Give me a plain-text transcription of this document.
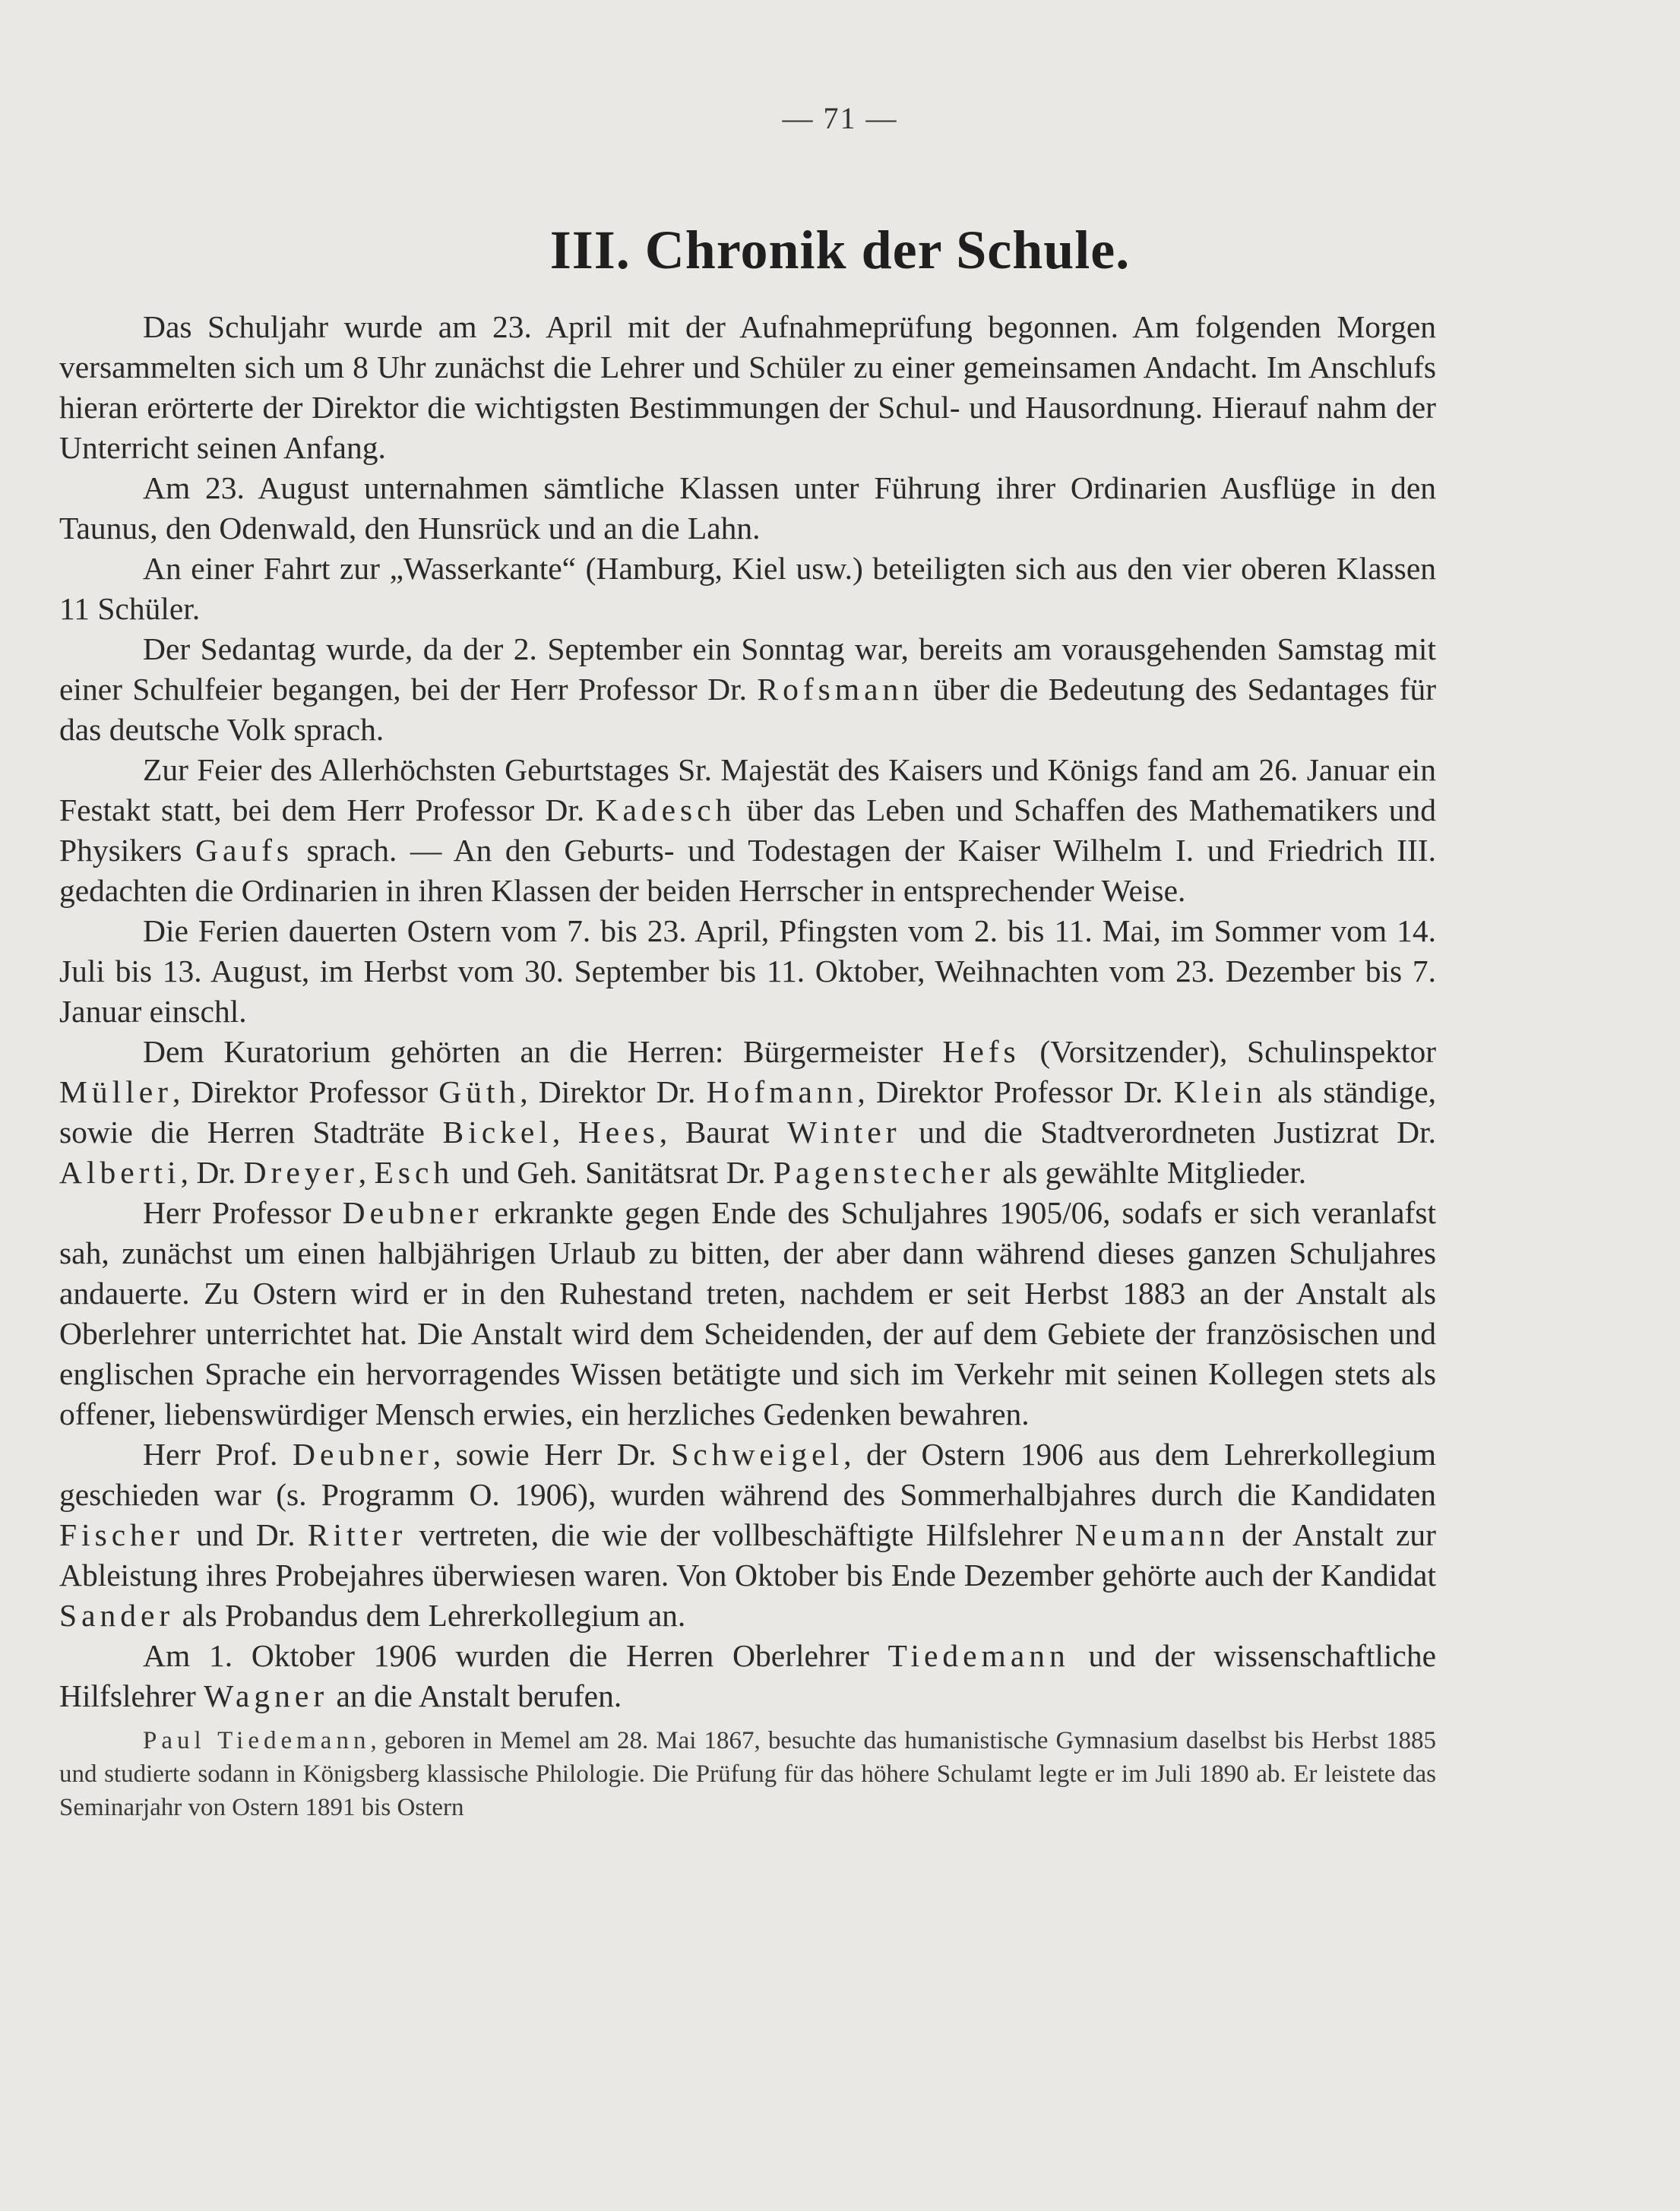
— 71 —
III. Chronik der Schule.

Das Schuljahr wurde am 23. April mit der Aufnahmeprüfung begonnen. Am folgenden Morgen versammelten sich um 8 Uhr zunächst die Lehrer und Schüler zu einer gemeinsamen Andacht. Im Anschlufs hieran erörterte der Direktor die wichtigsten Bestimmungen der Schul- und Hausordnung. Hierauf nahm der Unterricht seinen Anfang.

Am 23. August unternahmen sämtliche Klassen unter Führung ihrer Ordinarien Ausflüge in den Taunus, den Odenwald, den Hunsrück und an die Lahn.

An einer Fahrt zur „Wasserkante“ (Hamburg, Kiel usw.) beteiligten sich aus den vier oberen Klassen 11 Schüler.

Der Sedantag wurde, da der 2. September ein Sonntag war, bereits am vorausgehenden Samstag mit einer Schulfeier begangen, bei der Herr Professor Dr. Rofsmann über die Bedeutung des Sedantages für das deutsche Volk sprach.

Zur Feier des Allerhöchsten Geburtstages Sr. Majestät des Kaisers und Königs fand am 26. Januar ein Festakt statt, bei dem Herr Professor Dr. Kadesch über das Leben und Schaffen des Mathematikers und Physikers Gaufs sprach. — An den Geburts- und Todestagen der Kaiser Wilhelm I. und Friedrich III. gedachten die Ordinarien in ihren Klassen der beiden Herrscher in entsprechender Weise.

Die Ferien dauerten Ostern vom 7. bis 23. April, Pfingsten vom 2. bis 11. Mai, im Sommer vom 14. Juli bis 13. August, im Herbst vom 30. September bis 11. Oktober, Weihnachten vom 23. Dezember bis 7. Januar einschl.

Dem Kuratorium gehörten an die Herren: Bürgermeister Hefs (Vorsitzender), Schulinspektor Müller, Direktor Professor Güth, Direktor Dr. Hofmann, Direktor Professor Dr. Klein als ständige, sowie die Herren Stadträte Bickel, Hees, Baurat Winter und die Stadtverordneten Justizrat Dr. Alberti, Dr. Dreyer, Esch und Geh. Sanitätsrat Dr. Pagenstecher als gewählte Mitglieder.

Herr Professor Deubner erkrankte gegen Ende des Schuljahres 1905/06, sodafs er sich veranlafst sah, zunächst um einen halbjährigen Urlaub zu bitten, der aber dann während dieses ganzen Schuljahres andauerte. Zu Ostern wird er in den Ruhestand treten, nachdem er seit Herbst 1883 an der Anstalt als Oberlehrer unterrichtet hat. Die Anstalt wird dem Scheidenden, der auf dem Gebiete der französischen und englischen Sprache ein hervorragendes Wissen betätigte und sich im Verkehr mit seinen Kollegen stets als offener, liebenswürdiger Mensch erwies, ein herzliches Gedenken bewahren.

Herr Prof. Deubner, sowie Herr Dr. Schweigel, der Ostern 1906 aus dem Lehrerkollegium geschieden war (s. Programm O. 1906), wurden während des Sommerhalbjahres durch die Kandidaten Fischer und Dr. Ritter vertreten, die wie der vollbeschäftigte Hilfslehrer Neumann der Anstalt zur Ableistung ihres Probejahres überwiesen waren. Von Oktober bis Ende Dezember gehörte auch der Kandidat Sander als Probandus dem Lehrerkollegium an.

Am 1. Oktober 1906 wurden die Herren Oberlehrer Tiedemann und der wissenschaftliche Hilfslehrer Wagner an die Anstalt berufen.

Paul Tiedemann, geboren in Memel am 28. Mai 1867, besuchte das humanistische Gymnasium daselbst bis Herbst 1885 und studierte sodann in Königsberg klassische Philologie. Die Prüfung für das höhere Schulamt legte er im Juli 1890 ab. Er leistete das Seminarjahr von Ostern 1891 bis Ostern
